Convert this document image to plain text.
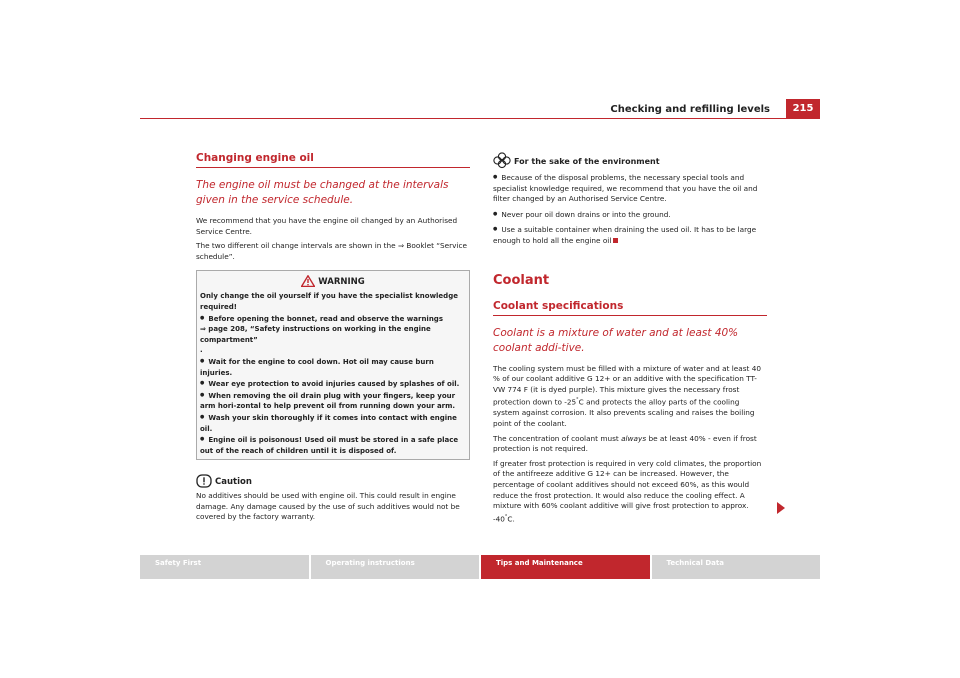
Checking and refilling levels	215
Changing engine oil
The engine oil must be changed at the intervals given in the service schedule.

We recommend that you have the engine oil changed by an Authorised Service Centre.

The two different oil change intervals are shown in the ⇒ Booklet “Service schedule”.

WARNING
Only change the oil yourself if you have the specialist knowledge required!
● Before opening the bonnet, read and observe the warnings
⇒ page 208, “Safety instructions on working in the engine compartment”
.
● Wait for the engine to cool down. Hot oil may cause burn injuries.
● Wear eye protection to avoid injuries caused by splashes of oil.
● When removing the oil drain plug with your fingers, keep your arm hori-zontal to help prevent oil from running down your arm.
● Wash your skin thoroughly if it comes into contact with engine oil.
● Engine oil is poisonous! Used oil must be stored in a safe place out of the reach of children until it is disposed of.
Caution

No additives should be used with engine oil. This could result in engine damage. Any damage caused by the use of such additives would not be covered by the factory warranty.

For the sake of the environment

● Because of the disposal problems, the necessary special tools and specialist knowledge required, we recommend that you have the oil and filter changed by an Authorised Service Centre.

● Never pour oil down drains or into the ground.

● Use a suitable container when draining the used oil. It has to be large enough to hold all the engine oil

Coolant
Coolant specifications
Coolant is a mixture of water and at least 40% coolant addi-tive.

The cooling system must be filled with a mixture of water and at least 40 % of our coolant additive G 12+ or an additive with the specification TT-VW 774 F (it is dyed purple). This mixture gives the necessary frost protection down to -25°C and protects the alloy parts of the cooling system against corrosion. It also prevents scaling and raises the boiling point of the coolant.

The concentration of coolant must always be at least 40% - even if frost protection is not required.

If greater frost protection is required in very cold climates, the proportion of the antifreeze additive G 12+ can be increased. However, the percentage of coolant additives should not exceed 60%, as this would reduce the frost protection. It would also reduce the cooling effect. A mixture with 60% coolant additive will give frost protection to approx. -40°C.

Safety First	Operating instructions	Tips and Maintenance	Technical Data
